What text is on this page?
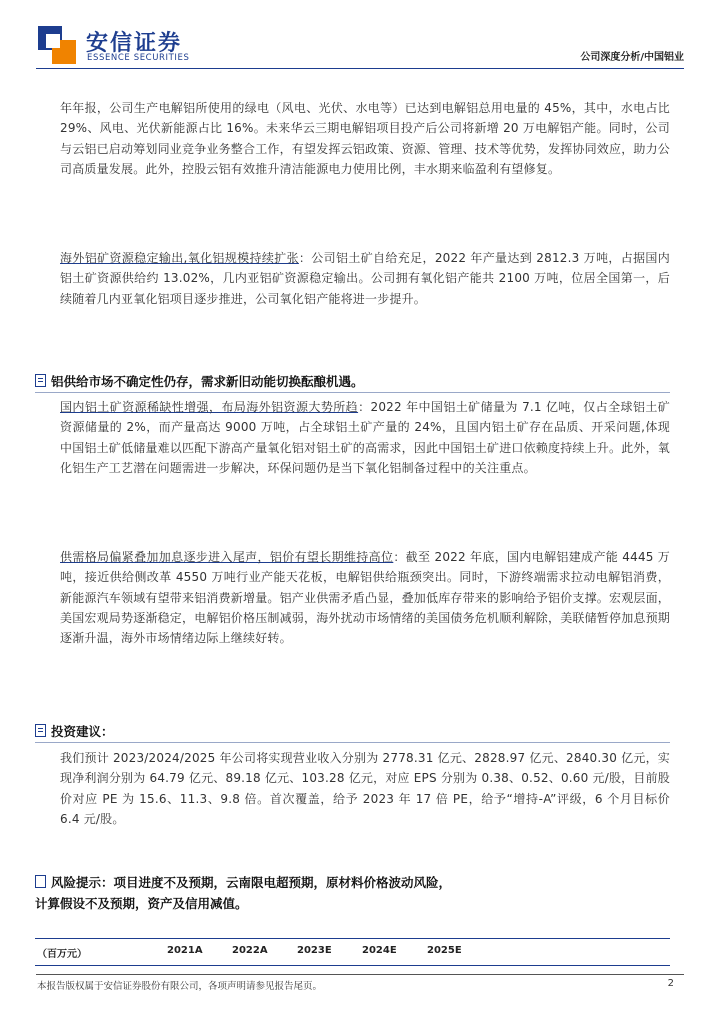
安信证券
ESSENCE SECURITIES	公司深度分析/中国铝业

年年报，公司生产电解铝所使用的绿电（风电、光伏、水电等）已达到电解铝总用电量的 45%，其中，水电占比 29%、风电、光伏新能源占比 16%。未来华云三期电解铝项目投产后公司将新增 20 万电解铝产能。同时，公司与云铝已启动筹划同业竞争业务整合工作，有望发挥云铝政策、资源、管理、技术等优势，发挥协同效应，助力公司高质量发展。此外，控股云铝有效推升清洁能源电力使用比例，丰水期来临盈利有望修复。

海外铝矿资源稳定输出,氧化铝规模持续扩张：公司铝土矿自给充足，2022 年产量达到 2812.3 万吨，占据国内铝土矿资源供给约 13.02%，几内亚铝矿资源稳定输出。公司拥有氧化铝产能共 2100 万吨，位居全国第一，后续随着几内亚氧化铝项目逐步推进，公司氧化铝产能将进一步提升。

国内铝土矿资源稀缺性增强，布局海外铝资源大势所趋：2022 年中国铝土矿储量为 7.1 亿吨，仅占全球铝土矿资源储量的 2%，而产量高达 9000 万吨，占全球铝土矿产量的 24%，且国内铝土矿存在品质、开采问题,体现中国铝土矿低储量难以匹配下游高产量氧化铝对铝土矿的高需求，因此中国铝土矿进口依赖度持续上升。此外，氧化铝生产工艺潜在问题需进一步解决，环保问题仍是当下氧化铝制备过程中的关注重点。

供需格局偏紧叠加加息逐步进入尾声，铝价有望长期维持高位：截至 2022 年底，国内电解铝建成产能 4445 万吨，接近供给侧改革 4550 万吨行业产能天花板，电解铝供给瓶颈突出。同时，下游终端需求拉动电解铝消费，新能源汽车领域有望带来铝消费新增量。铝产业供需矛盾凸显，叠加低库存带来的影响给予铝价支撑。宏观层面，美国宏观局势逐渐稳定，电解铝价格压制减弱，海外扰动市场情绪的美国债务危机顺利解除，美联储暂停加息预期逐渐升温，海外市场情绪边际上继续好转。

我们预计 2023/2024/2025 年公司将实现营业收入分别为 2778.31 亿元、2828.97 亿元、2840.30 亿元，实现净利润分别为 64.79 亿元、89.18 亿元、103.28 亿元，对应 EPS 分别为 0.38、0.52、0.60 元/股，目前股价对应 PE 为 15.6、11.3、9.8 倍。首次覆盖，给予 2023 年 17 倍 PE，给予“增持-A”评级，6 个月目标价 6.4 元/股。

铝供给市场不确定性仍存，需求新旧动能切换酝酿机遇。
投资建议：
风险提示：项目进度不及预期，云南限电超预期，原材料价格波动风险，计算假设不及预期，资产及信用减值。
（百万元）	2021A	2022A	2023E	2024E	2025E
本报告版权属于安信证券股份有限公司，各项声明请参见报告尾页。	2
